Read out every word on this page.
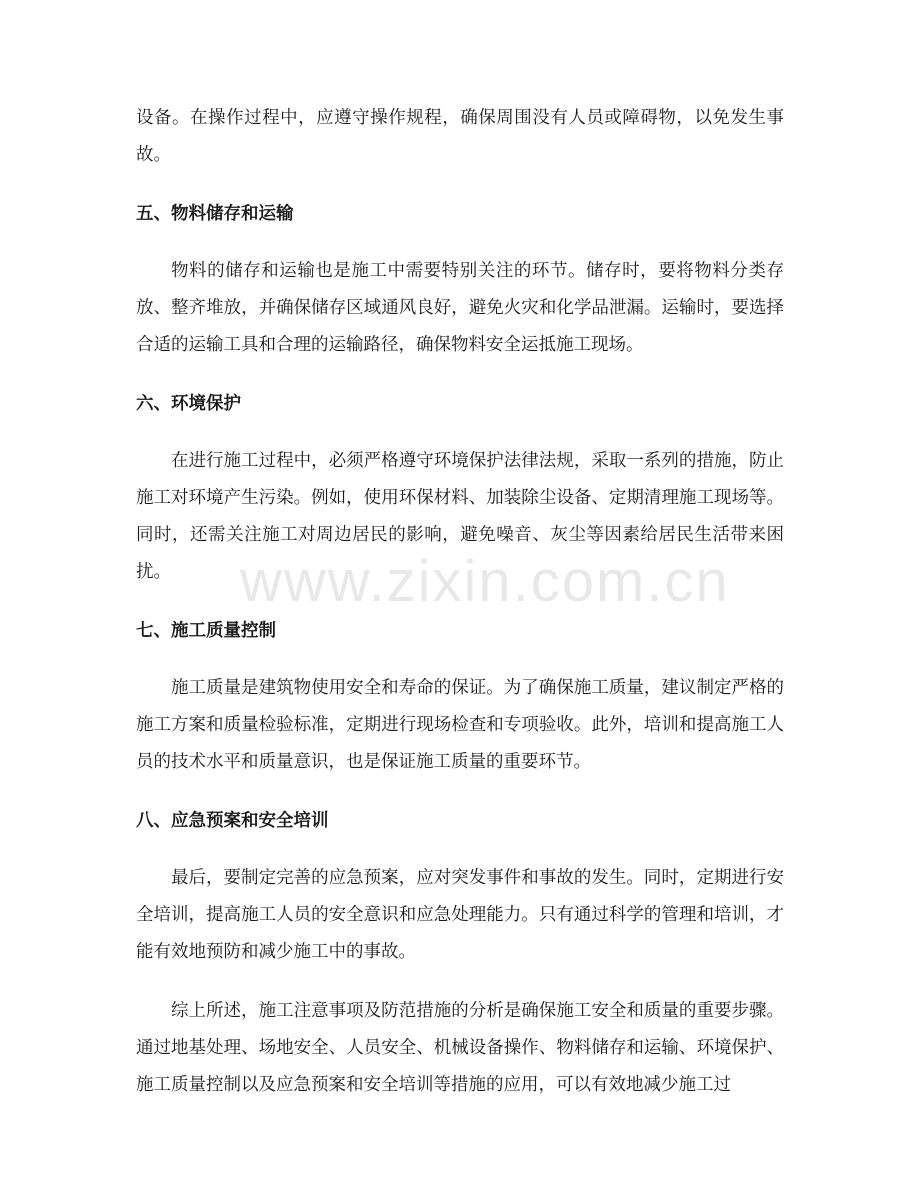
设备。在操作过程中，应遵守操作规程，确保周围没有人员或障碍物，以免发生事故。

五、物料储存和运输

物料的储存和运输也是施工中需要特别关注的环节。储存时，要将物料分类存放、整齐堆放，并确保储存区域通风良好，避免火灾和化学品泄漏。运输时，要选择合适的运输工具和合理的运输路径，确保物料安全运抵施工现场。

六、环境保护

在进行施工过程中，必须严格遵守环境保护法律法规，采取一系列的措施，防止施工对环境产生污染。例如，使用环保材料、加装除尘设备、定期清理施工现场等。同时，还需关注施工对周边居民的影响，避免噪音、灰尘等因素给居民生活带来困扰。

七、施工质量控制

施工质量是建筑物使用安全和寿命的保证。为了确保施工质量，建议制定严格的施工方案和质量检验标准，定期进行现场检查和专项验收。此外，培训和提高施工人员的技术水平和质量意识，也是保证施工质量的重要环节。

八、应急预案和安全培训

最后，要制定完善的应急预案，应对突发事件和事故的发生。同时，定期进行安全培训，提高施工人员的安全意识和应急处理能力。只有通过科学的管理和培训，才能有效地预防和减少施工中的事故。

综上所述，施工注意事项及防范措施的分析是确保施工安全和质量的重要步骤。通过地基处理、场地安全、人员安全、机械设备操作、物料储存和运输、环境保护、施工质量控制以及应急预案和安全培训等措施的应用，可以有效地减少施工过

www.zixin.com.cn
